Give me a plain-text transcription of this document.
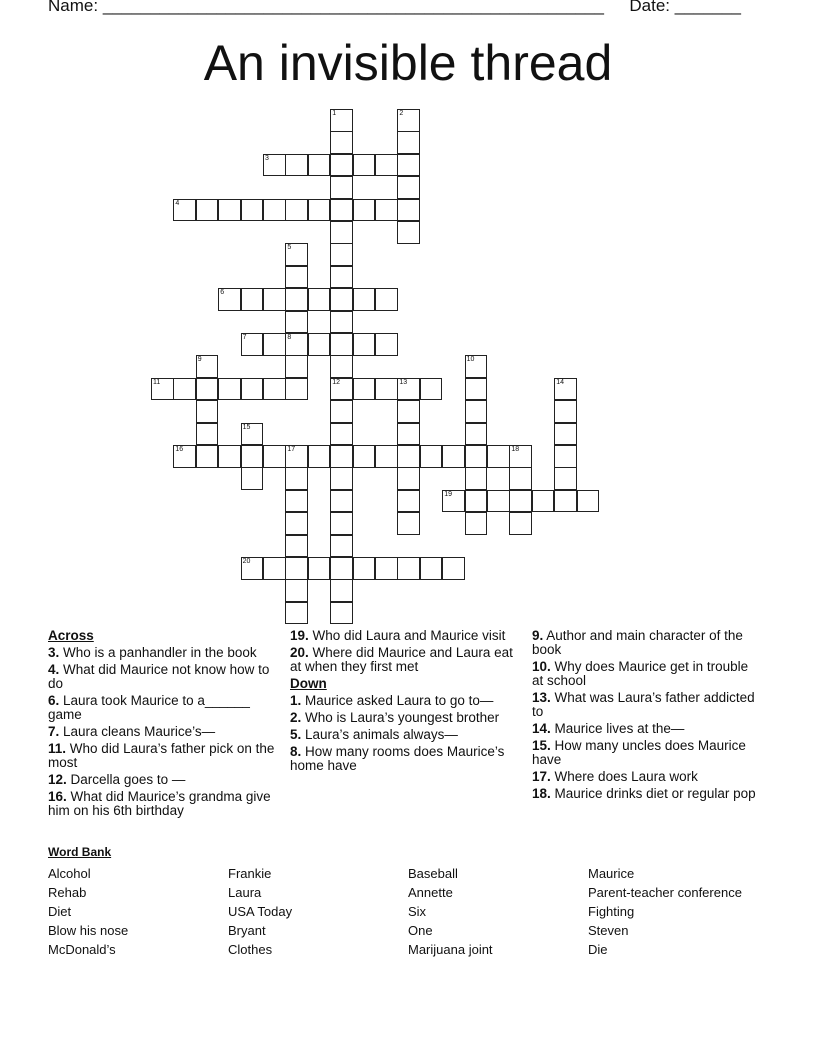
Name: _____________________________________________________ Date: _______
An invisible thread
1
12
2
3
4
5
8
6
7
9	10
11	13	14
15
16	17	18
19
20
Across
3. Who is a panhandler in the book
4. What did Maurice not know how to do
6. Laura took Maurice to a______ game
7. Laura cleans Maurice’s—
11. Who did Laura’s father pick on the most
12. Darcella goes to —
16. What did Maurice’s grandma give him on his 6th birthday
19. Who did Laura and Maurice visit
20. Where did Maurice and Laura eat at when they first met
Down
1. Maurice asked Laura to go to—
2. Who is Laura’s youngest brother
5. Laura’s animals always—
8. How many rooms does Maurice’s home have
9. Author and main character of the book
10. Why does Maurice get in trouble at school
13. What was Laura’s father addicted to
14. Maurice lives at the—
15. How many uncles does Maurice have
17. Where does Laura work
18. Maurice drinks diet or regular pop
Word Bank
Alcohol
Rehab
Diet
Blow his nose
McDonald’s
Frankie
Laura
USA Today
Bryant
Clothes
Baseball
Annette
Six
One
Marijuana joint
Maurice
Parent-teacher conference
Fighting
Steven
Die
